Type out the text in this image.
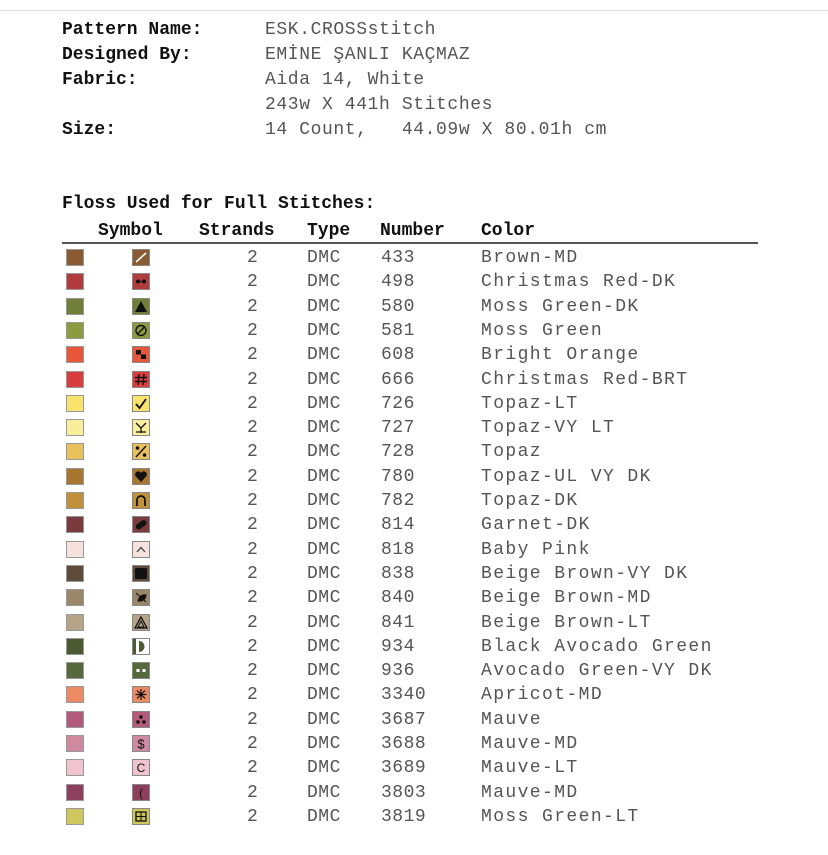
Pattern Name:	ESK.CROSSstitch
Designed By:	EMİNE ŞANLI KAÇMAZ
Fabric:	Aida 14, White
243w X 441h Stitches
Size:	14 Count,   44.09w X 80.01h cm
Floss Used for Full Stitches:
Symbol Strands Type Number Color
2	DMC 433	Brown-MD
2	DMC 498	Christmas Red-DK
2	DMC 580	Moss Green-DK
2	DMC 581	Moss Green
2	DMC 608	Bright Orange
2	DMC 666	Christmas Red-BRT
2	DMC 726	Topaz-LT
2	DMC 727	Topaz-VY LT
2	DMC 728	Topaz
2	DMC 780	Topaz-UL VY DK
2	DMC 782	Topaz-DK
2	DMC 814	Garnet-DK
2	DMC 818	Baby Pink
2	DMC 838	Beige Brown-VY DK
2	DMC 840	Beige Brown-MD
2	DMC 841	Beige Brown-LT
2	DMC 934	Black Avocado Green
2	DMC 936	Avocado Green-VY DK
2	DMC 3340	Apricot-MD
2	DMC 3687	Mauve
$	2	DMC 3688	Mauve-MD
C	2	DMC 3689	Mauve-LT
(	2	DMC 3803	Mauve-MD
2	DMC 3819	Moss Green-LT
